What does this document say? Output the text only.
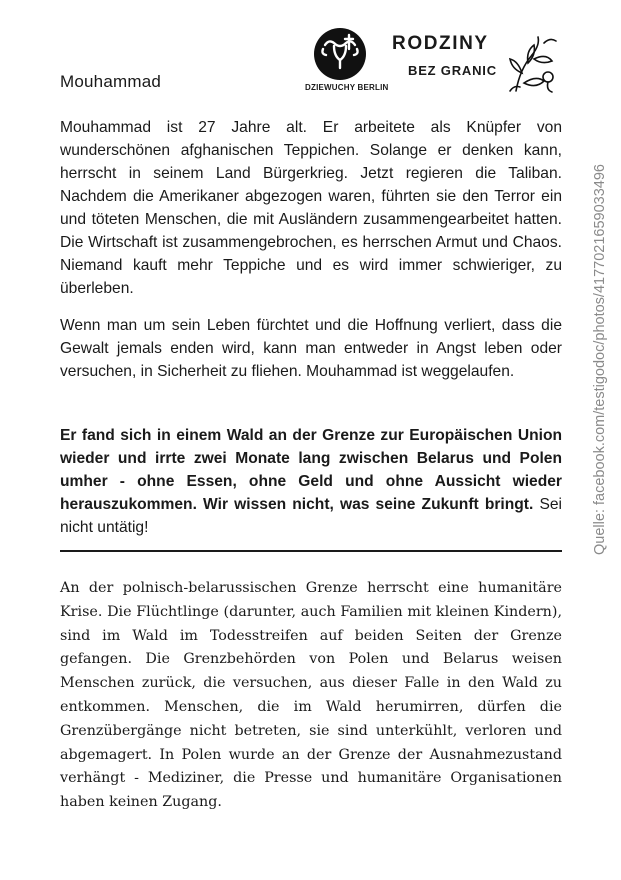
Mouhammad	DZIEWUCHY BERLIN
RODZINY
BEZ GRANIC

Mouhammad ist 27 Jahre alt. Er arbeitete als Knüpfer von wunderschönen afghanischen Teppichen. Solange er denken kann, herrscht in seinem Land Bürgerkrieg. Jetzt regieren die Taliban. Nachdem die Amerikaner abgezogen waren, führten sie den Terror ein und töteten Menschen, die mit Ausländern zusammengearbeitet hatten. Die Wirtschaft ist zusammengebrochen, es herrschen Armut und Chaos. Niemand kauft mehr Teppiche und es wird immer schwieriger, zu überleben.

Wenn man um sein Leben fürchtet und die Hoffnung verliert, dass die Gewalt jemals enden wird, kann man entweder in Angst leben oder versuchen, in Sicherheit zu fliehen. Mouhammad ist weggelaufen.

Er fand sich in einem Wald an der Grenze zur Europäischen Union wieder und irrte zwei Monate lang zwischen Belarus und Polen umher - ohne Essen, ohne Geld und ohne Aussicht wieder herauszukommen. Wir wissen nicht, was seine Zukunft bringt. Sei nicht untätig!

An der polnisch-belarussischen Grenze herrscht eine humanitäre Krise. Die Flüchtlinge (darunter, auch Familien mit kleinen Kindern), sind im Wald im Todesstreifen auf beiden Seiten der Grenze gefangen. Die Grenzbehörden von Polen und Belarus weisen Menschen zurück, die versuchen, aus dieser Falle in den Wald zu entkommen. Menschen, die im Wald herumirren, dürfen die Grenzübergänge nicht betreten, sie sind unterkühlt, verloren und abgemagert. In Polen wurde an der Grenze der Ausnahmezustand verhängt - Mediziner, die Presse und humanitäre Organisationen haben keinen Zugang.

Quelle: facebook.com/testigodoc/photos/4177021659033496
